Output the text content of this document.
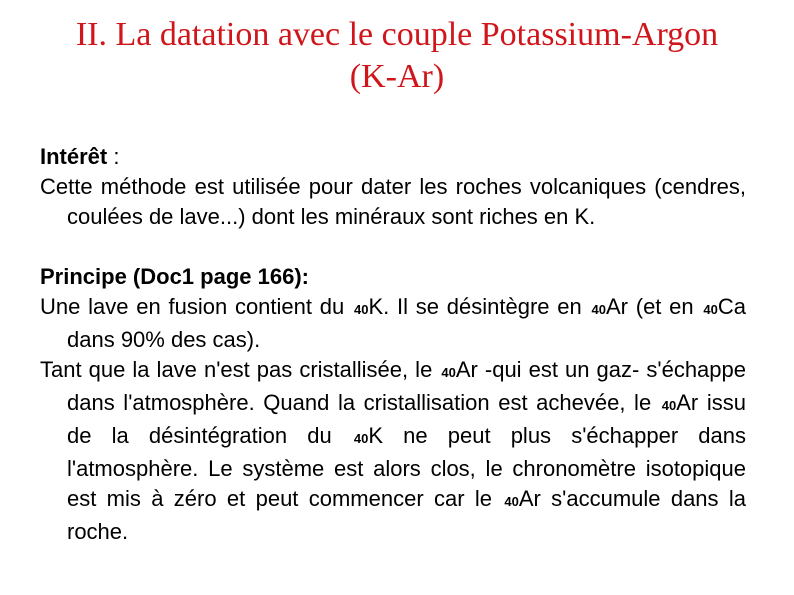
II. La datation avec le couple Potassium-Argon
(K-Ar)

Intérêt :

Cette méthode est utilisée pour dater les roches volcaniques (cendres, coulées de lave...) dont les minéraux sont riches en K.

Principe (Doc1 page 166):

Une lave en fusion contient du 40K. Il se désintègre en 40Ar (et en 40Ca dans 90% des cas).

Tant que la lave n'est pas cristallisée, le 40Ar -qui est un gaz- s'échappe dans l'atmosphère. Quand la cristallisation est achevée, le 40Ar issu de la désintégration du 40K ne peut plus s'échapper dans l'atmosphère. Le système est alors clos, le chronomètre isotopique est mis à zéro et peut commencer car le 40Ar s'accumule dans la roche.
